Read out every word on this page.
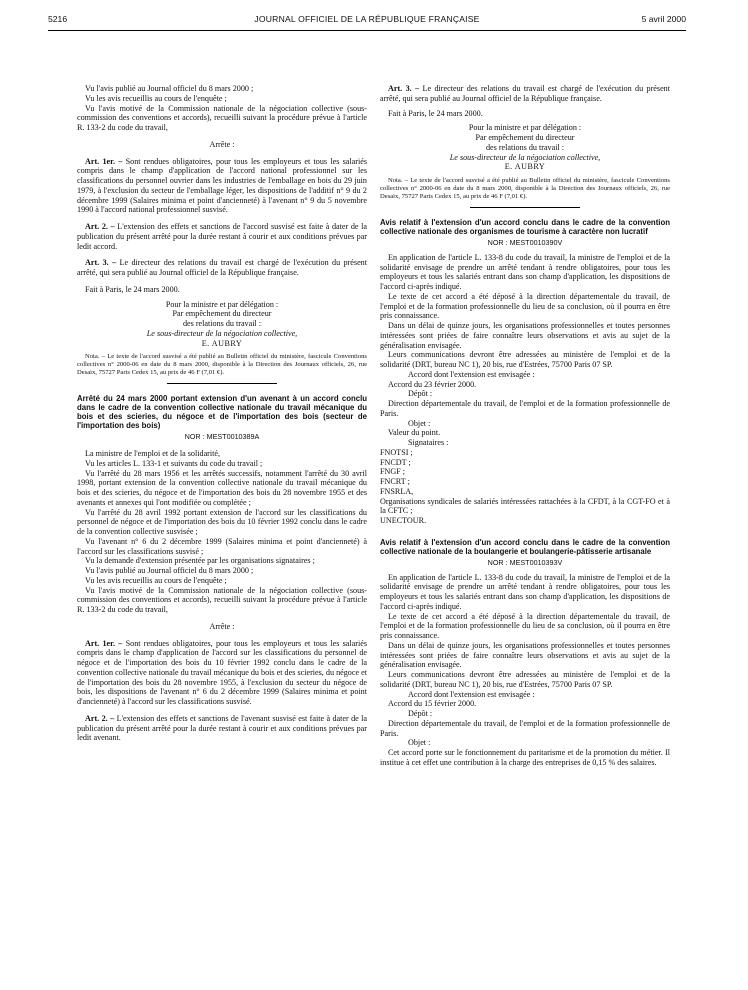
5216	JOURNAL OFFICIEL DE LA RÉPUBLIQUE FRANÇAISE	5 avril 2000

Vu l'avis publié au Journal officiel du 8 mars 2000 ;

Vu les avis recueillis au cours de l'enquête ;

Vu l'avis motivé de la Commission nationale de la négociation collective (sous-commission des conventions et accords), recueilli suivant la procédure prévue à l'article R. 133-2 du code du travail,

Arrête :

Art. 1er. – Sont rendues obligatoires, pour tous les employeurs et tous les salariés compris dans le champ d'application de l'accord national professionnel sur les classifications du personnel ouvrier dans les industries de l'emballage en bois du 29 juin 1979, à l'exclusion du secteur de l'emballage léger, les dispositions de l'additif n° 9 du 2 décembre 1999 (Salaires minima et point d'ancienneté) à l'avenant n° 9 du 5 novembre 1990 à l'accord national professionnel susvisé.

Art. 2. – L'extension des effets et sanctions de l'accord susvisé est faite à dater de la publication du présent arrêté pour la durée restant à courir et aux conditions prévues par ledit accord.

Art. 3. – Le directeur des relations du travail est chargé de l'exécution du présent arrêté, qui sera publié au Journal officiel de la République française.

Fait à Paris, le 24 mars 2000.

Pour la ministre et par délégation :

Par empêchement du directeur

des relations du travail :

Le sous-directeur de la négociation collective,

E. AUBRY

Nota. – Le texte de l'accord susvisé a été publié au Bulletin officiel du ministère, fascicule Conventions collectives n° 2000-06 en date du 8 mars 2000, disponible à la Direction des Journaux officiels, 26, rue Desaix, 75727 Paris Cedex 15, au prix de 46 F (7,01 €).

Arrêté du 24 mars 2000 portant extension d'un avenant à un accord conclu dans le cadre de la convention collective nationale du travail mécanique du bois et des scieries, du négoce et de l'importation des bois (secteur de l'importation des bois)

NOR : MEST0010389A

La ministre de l'emploi et de la solidarité,

Vu les articles L. 133-1 et suivants du code du travail ;

Vu l'arrêté du 28 mars 1956 et les arrêtés successifs, notamment l'arrêté du 30 avril 1998, portant extension de la convention collective nationale du travail mécanique du bois et des scieries, du négoce et de l'importation des bois du 28 novembre 1955 et des avenants et annexes qui l'ont modifiée ou complétée ;

Vu l'arrêté du 28 avril 1992 portant extension de l'accord sur les classifications du personnel de négoce et de l'importation des bois du 10 février 1992 conclu dans le cadre de la convention collective susvisée ;

Vu l'avenant n° 6 du 2 décembre 1999 (Salaires minima et point d'ancienneté) à l'accord sur les classifications susvisé ;

Vu la demande d'extension présentée par les organisations signataires ;

Vu l'avis publié au Journal officiel du 8 mars 2000 ;

Vu les avis recueillis au cours de l'enquête ;

Vu l'avis motivé de la Commission nationale de la négociation collective (sous-commission des conventions et accords), recueilli suivant la procédure prévue à l'article R. 133-2 du code du travail,

Arrête :

Art. 1er. – Sont rendues obligatoires, pour tous les employeurs et tous les salariés compris dans le champ d'application de l'accord sur les classifications du personnel de négoce et de l'importation des bois du 10 février 1992 conclu dans le cadre de la convention collective nationale du travail mécanique du bois et des scieries, du négoce et de l'importation des bois du 28 novembre 1955, à l'exclusion du secteur du négoce de bois, les dispositions de l'avenant n° 6 du 2 décembre 1999 (Salaires minima et point d'ancienneté) à l'accord sur les classifications susvisé.

Art. 2. – L'extension des effets et sanctions de l'avenant susvisé est faite à dater de la publication du présent arrêté pour la durée restant à courir et aux conditions prévues par ledit avenant.

Art. 3. – Le directeur des relations du travail est chargé de l'exécution du présent arrêté, qui sera publié au Journal officiel de la République française.

Fait à Paris, le 24 mars 2000.

Pour la ministre et par délégation :

Par empêchement du directeur

des relations du travail :

Le sous-directeur de la négociation collective,

E. AUBRY

Nota. – Le texte de l'accord susvisé a été publié au Bulletin officiel du ministère, fascicule Conventions collectives n° 2000-06 en date du 8 mars 2000, disponible à la Direction des Journaux officiels, 26, rue Desaix, 75727 Paris Cedex 15, au prix de 46 F (7,01 €).

Avis relatif à l'extension d'un accord conclu dans le cadre de la convention collective nationale des organismes de tourisme à caractère non lucratif

NOR : MEST0010390V

En application de l'article L. 133-8 du code du travail, la ministre de l'emploi et de la solidarité envisage de prendre un arrêté tendant à rendre obligatoires, pour tous les employeurs et tous les salariés entrant dans son champ d'application, les dispositions de l'accord ci-après indiqué.

Le texte de cet accord a été déposé à la direction départementale du travail, de l'emploi et de la formation professionnelle du lieu de sa conclusion, où il pourra en être pris connaissance.

Dans un délai de quinze jours, les organisations professionnelles et toutes personnes intéressées sont priées de faire connaître leurs observations et avis au sujet de la généralisation envisagée.

Leurs communications devront être adressées au ministère de l'emploi et de la solidarité (DRT, bureau NC 1), 20 bis, rue d'Estrées, 75700 Paris 07 SP.

Accord dont l'extension est envisagée :

Accord du 23 février 2000.

Dépôt :

Direction départementale du travail, de l'emploi et de la formation professionnelle de Paris.

Objet :

Valeur du point.

Signataires :

FNOTSI ;

FNCDT ;

FNGF ;

FNCRT ;

FNSRLA,

Organisations syndicales de salariés intéressées rattachées à la CFDT, à la CGT-FO et à la CFTC ;

UNECTOUR.

Avis relatif à l'extension d'un accord conclu dans le cadre de la convention collective nationale de la boulangerie et boulangerie-pâtisserie artisanale

NOR : MEST0010393V

En application de l'article L. 133-8 du code du travail, la ministre de l'emploi et de la solidarité envisage de prendre un arrêté tendant à rendre obligatoires, pour tous les employeurs et tous les salariés entrant dans son champ d'application, les dispositions de l'accord ci-après indiqué.

Le texte de cet accord a été déposé à la direction départementale du travail, de l'emploi et de la formation professionnelle du lieu de sa conclusion, où il pourra en être pris connaissance.

Dans un délai de quinze jours, les organisations professionnelles et toutes personnes intéressées sont priées de faire connaître leurs observations et avis au sujet de la généralisation envisagée.

Leurs communications devront être adressées au ministère de l'emploi et de la solidarité (DRT, bureau NC 1), 20 bis, rue d'Estrées, 75700 Paris 07 SP.

Accord dont l'extension est envisagée :

Accord du 15 février 2000.

Dépôt :

Direction départementale du travail, de l'emploi et de la formation professionnelle de Paris.

Objet :

Cet accord porte sur le fonctionnement du paritarisme et de la promotion du métier. Il institue à cet effet une contribution à la charge des entreprises de 0,15 % des salaires.
